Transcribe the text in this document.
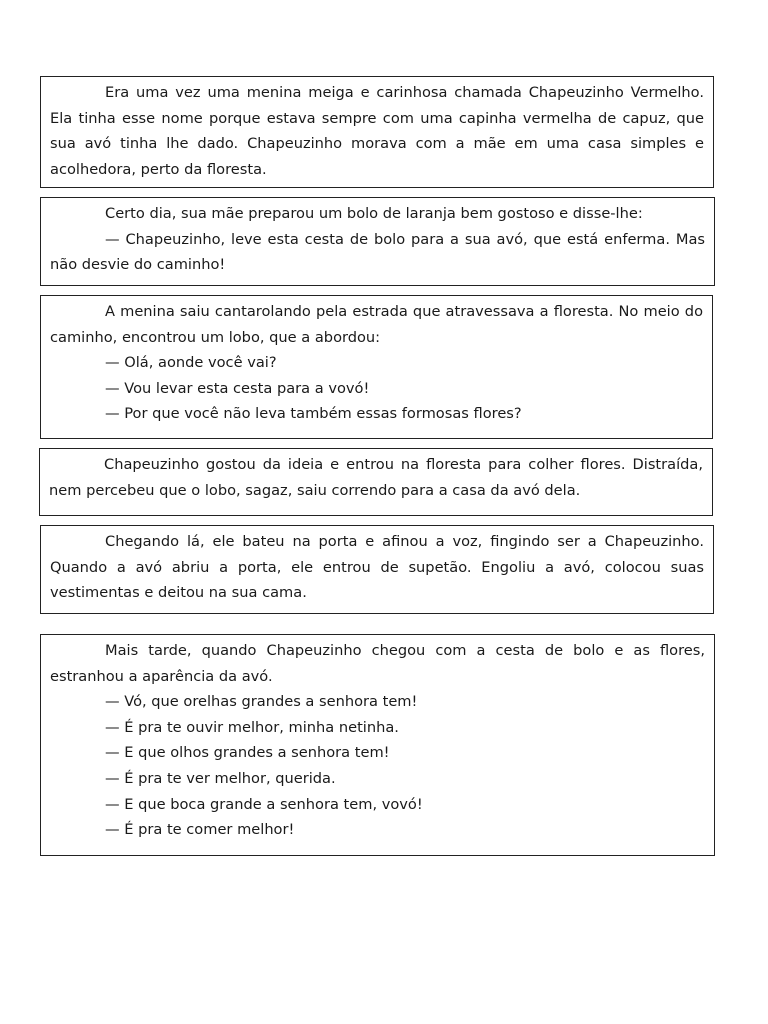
Era uma vez uma menina meiga e carinhosa chamada Chapeuzinho Vermelho. Ela tinha esse nome porque estava sempre com uma capinha vermelha de capuz, que sua avó tinha lhe dado. Chapeuzinho morava com a mãe em uma casa simples e acolhedora, perto da floresta.

Certo dia, sua mãe preparou um bolo de laranja bem gostoso e disse-lhe:

— Chapeuzinho, leve esta cesta de bolo para a sua avó, que está enferma. Mas não desvie do caminho!

A menina saiu cantarolando pela estrada que atravessava a floresta. No meio do caminho, encontrou um lobo, que a abordou:

— Olá, aonde você vai?

— Vou levar esta cesta para a vovó!

— Por que você não leva também essas formosas flores?

Chapeuzinho gostou da ideia e entrou na floresta para colher flores. Distraída, nem percebeu que o lobo, sagaz, saiu correndo para a casa da avó dela.

Chegando lá, ele bateu na porta e afinou a voz, fingindo ser a Chapeuzinho. Quando a avó abriu a porta, ele entrou de supetão. Engoliu a avó, colocou suas vestimentas e deitou na sua cama.

Mais tarde, quando Chapeuzinho chegou com a cesta de bolo e as flores, estranhou a aparência da avó.

— Vó, que orelhas grandes a senhora tem!

— É pra te ouvir melhor, minha netinha.

— E que olhos grandes a senhora tem!

— É pra te ver melhor, querida.

— E que boca grande a senhora tem, vovó!

— É pra te comer melhor!
